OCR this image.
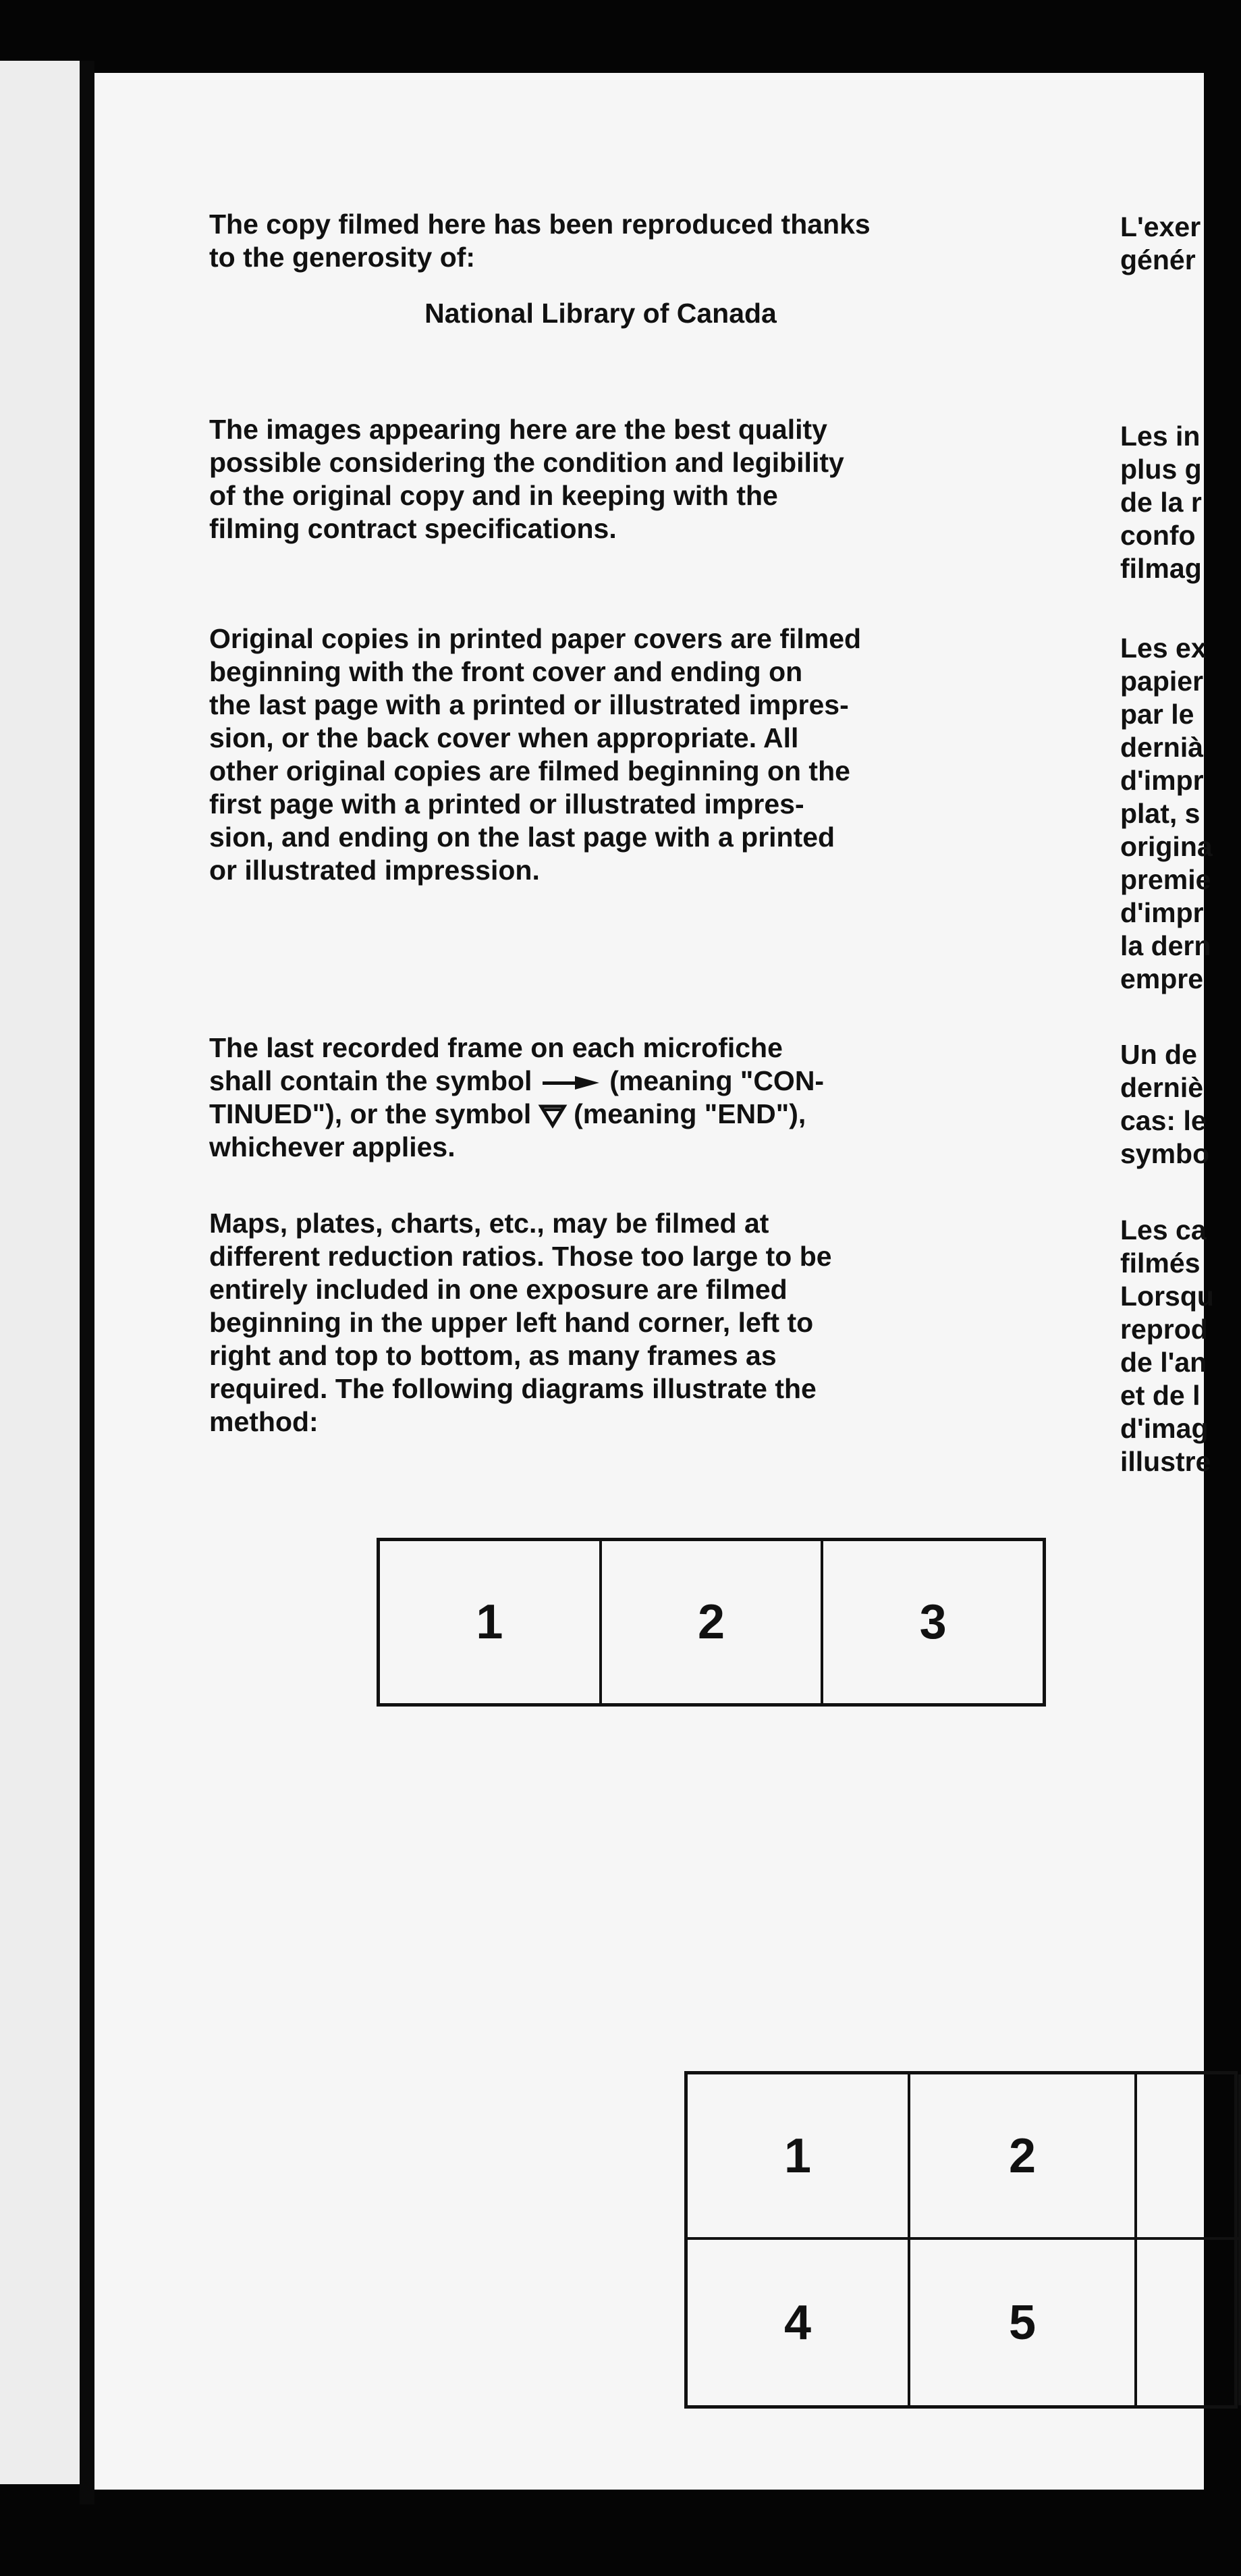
The copy filmed here has been reproduced thanks
to the generosity of:
National Library of Canada
The images appearing here are the best quality
possible considering the condition and legibility
of the original copy and in keeping with the
filming contract specifications.
Original copies in printed paper covers are filmed
beginning with the front cover and ending on
the last page with a printed or illustrated impres-
sion, or the back cover when appropriate. All
other original copies are filmed beginning on the
first page with a printed or illustrated impres-
sion, and ending on the last page with a printed
or illustrated impression.
The last recorded frame on each microfiche
shall contain the symbol	(meaning "CON-
TINUED"), or the symbol (meaning "END"),
whichever applies.
Maps, plates, charts, etc., may be filmed at
different reduction ratios. Those too large to be
entirely included in one exposure are filmed
beginning in the upper left hand corner, left to
right and top to bottom, as many frames as
required. The following diagrams illustrate the
method:
L'exer
génér
Les in
plus g
de la r
confo
filmag
Les ex
papier
par le
dernià
d'impr
plat, s
origina
premie
d'impr
la dern
empre
Un de
derniè
cas: le
symbo
Les ca
filmés
Lorsqu
reprod
de l'an
et de l
d'imag
illustre
1	2	3
1	2
4	5
